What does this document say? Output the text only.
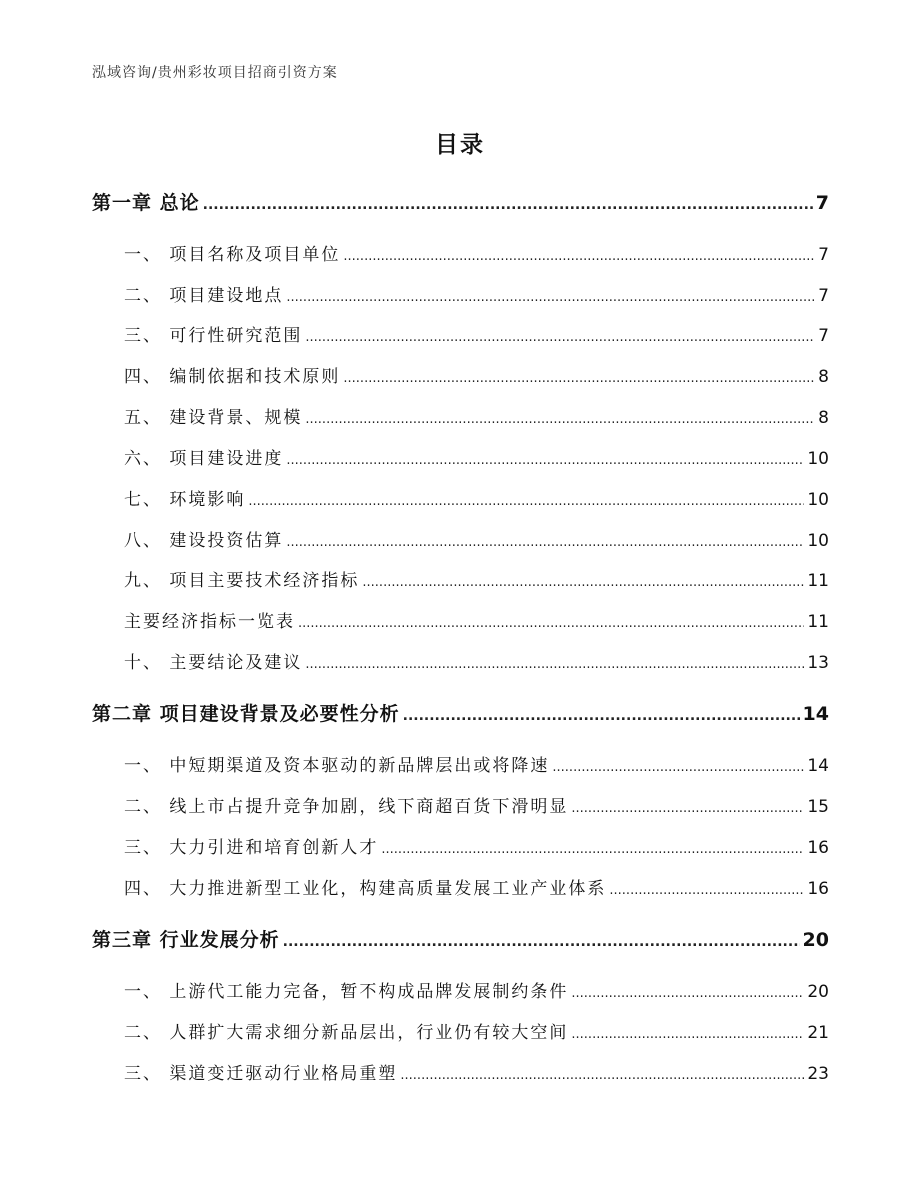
泓域咨询/贵州彩妆项目招商引资方案
目录
第一章 总论 .....	7
一、 项目名称及项目单位 .....	7
二、 项目建设地点 .....	7
三、 可行性研究范围 .....	7
四、 编制依据和技术原则 .....	8
五、 建设背景、规模 .....	8
六、 项目建设进度 .....	10
七、 环境影响 .....	10
八、 建设投资估算 .....	10
九、 项目主要技术经济指标 .....	11
主要经济指标一览表 .....	11
十、 主要结论及建议 .....	13
第二章 项目建设背景及必要性分析 .....	14
一、 中短期渠道及资本驱动的新品牌层出或将降速 .....	14
二、 线上市占提升竞争加剧，线下商超百货下滑明显 .....	15
三、 大力引进和培育创新人才 .....	16
四、 大力推进新型工业化，构建高质量发展工业产业体系 .....	16
第三章 行业发展分析 .....	20
一、 上游代工能力完备，暂不构成品牌发展制约条件 .....	20
二、 人群扩大需求细分新品层出，行业仍有较大空间 .....	21
三、 渠道变迁驱动行业格局重塑 .....	23
